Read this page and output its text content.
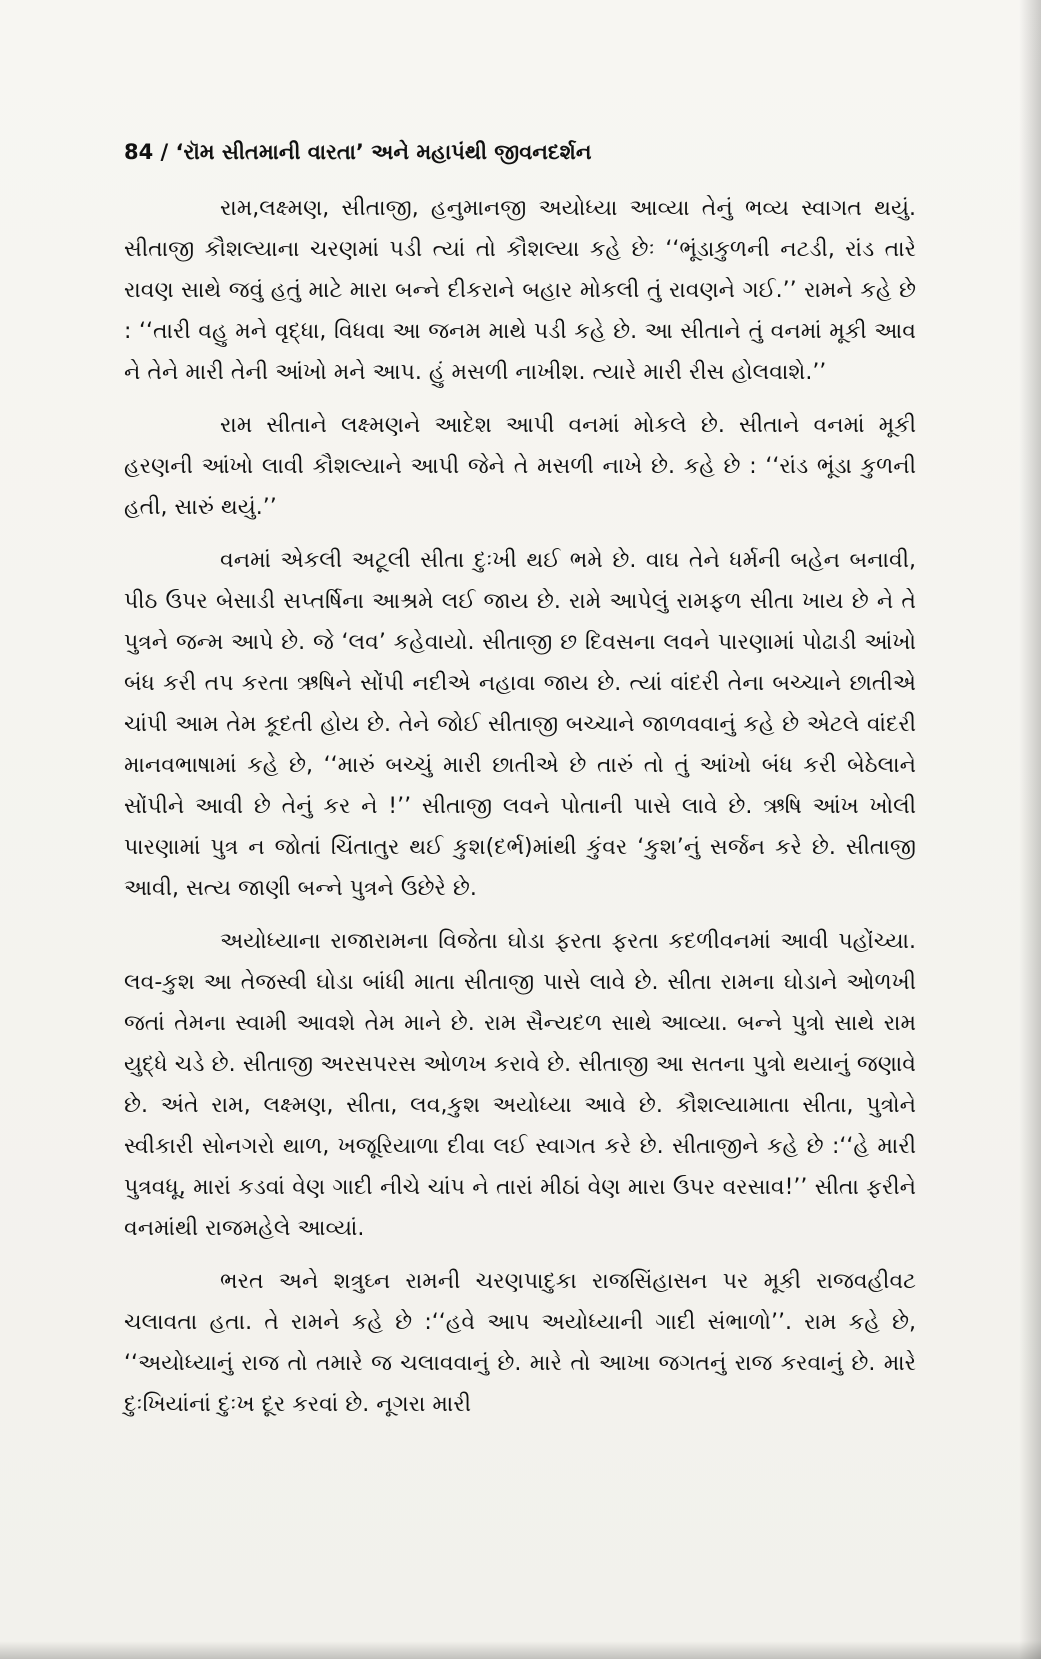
84 / ‘રૉમ સીતમાની વારતા’ અને મહાપંથી જીવનદર્શન

રામ,લક્ષ્મણ, સીતાજી, હનુમાનજી અયોધ્યા આવ્યા તેનું ભવ્ય સ્વાગત થયું. સીતાજી કૌશલ્યાના ચરણમાં પડી ત્યાં તો કૌશલ્યા કહે છેઃ ‘‘ભૂંડાકુળની નટડી, રાંડ તારે રાવણ સાથે જવું હતું માટે મારા બન્ને દીકરાને બહાર મોકલી તું રાવણને ગઈ.’’ રામને કહે છે : ‘‘તારી વહુ મને વૃદ્ધા, વિધવા આ જનમ માથે પડી કહે છે. આ સીતાને તું વનમાં મૂકી આવ ને તેને મારી તેની આંખો મને આપ. હું મસળી નાખીશ. ત્યારે મારી રીસ હોલવાશે.’’

રામ સીતાને લક્ષ્મણને આદેશ આપી વનમાં મોકલે છે. સીતાને વનમાં મૂકી હરણની આંખો લાવી કૌશલ્યાને આપી જેને તે મસળી નાખે છે. કહે છે : ‘‘રાંડ ભૂંડા કુળની હતી, સારું થયું.’’

વનમાં એકલી અટૂલી સીતા દુઃખી થઈ ભમે છે. વાઘ તેને ધર્મની બહેન બનાવી, પીઠ ઉપર બેસાડી સપ્તર્ષિના આશ્રમે લઈ જાય છે. રામે આપેલું રામફળ સીતા ખાય છે ને તે પુત્રને જન્મ આપે છે. જે ‘લવ’ કહેવાયો. સીતાજી છ દિવસના લવને પારણામાં પોઢાડી આંખો બંધ કરી તપ કરતા ઋષિને સોંપી નદીએ નહાવા જાય છે. ત્યાં વાંદરી તેના બચ્ચાને છાતીએ ચાંપી આમ તેમ કૂદતી હોય છે. તેને જોઈ સીતાજી બચ્ચાને જાળવવાનું કહે છે એટલે વાંદરી માનવભાષામાં કહે છે, ‘‘મારું બચ્ચું મારી છાતીએ છે તારું તો તું આંખો બંધ કરી બેઠેલાને સોંપીને આવી છે તેનું કર ને !’’ સીતાજી લવને પોતાની પાસે લાવે છે. ઋષિ આંખ ખોલી પારણામાં પુત્ર ન જોતાં ચિંતાતુર થઈ કુશ(દર્ભ)માંથી કુંવર ‘કુશ’નું સર્જન કરે છે. સીતાજી આવી, સત્ય જાણી બન્ને પુત્રને ઉછેરે છે.

અયોધ્યાના રાજારામના વિજેતા ઘોડા ફરતા ફરતા કદળીવનમાં આવી પહોંચ્યા. લવ-કુશ આ તેજસ્વી ઘોડા બાંધી માતા સીતાજી પાસે લાવે છે. સીતા રામના ઘોડાને ઓળખી જતાં તેમના સ્વામી આવશે તેમ માને છે. રામ સૈન્યદળ સાથે આવ્યા. બન્ને પુત્રો સાથે રામ યુદ્ધે ચડે છે. સીતાજી અરસપરસ ઓળખ કરાવે છે. સીતાજી આ સતના પુત્રો થયાનું જણાવે છે. અંતે રામ, લક્ષ્મણ, સીતા, લવ,કુશ અયોધ્યા આવે છે. કૌશલ્યામાતા સીતા, પુત્રોને સ્વીકારી સોનગરો થાળ, ખજૂરિયાળા દીવા લઈ સ્વાગત કરે છે. સીતાજીને કહે છે :‘‘હે મારી પુત્રવધૂ, મારાં કડવાં વેણ ગાદી નીચે ચાંપ ને તારાં મીઠાં વેણ મારા ઉપર વરસાવ!’’ સીતા ફરીને વનમાંથી રાજમહેલે આવ્યાં.

ભરત અને શત્રુઘ્ન રામની ચરણપાદુકા રાજસિંહાસન પર મૂકી રાજવહીવટ ચલાવતા હતા. તે રામને કહે છે :‘‘હવે આપ અયોધ્યાની ગાદી સંભાળો’’. રામ કહે છે, ‘‘અયોધ્યાનું રાજ તો તમારે જ ચલાવવાનું છે. મારે તો આખા જગતનું રાજ કરવાનું છે. મારે દુઃખિયાંનાં દુઃખ દૂર કરવાં છે. નૂગરા મારી
